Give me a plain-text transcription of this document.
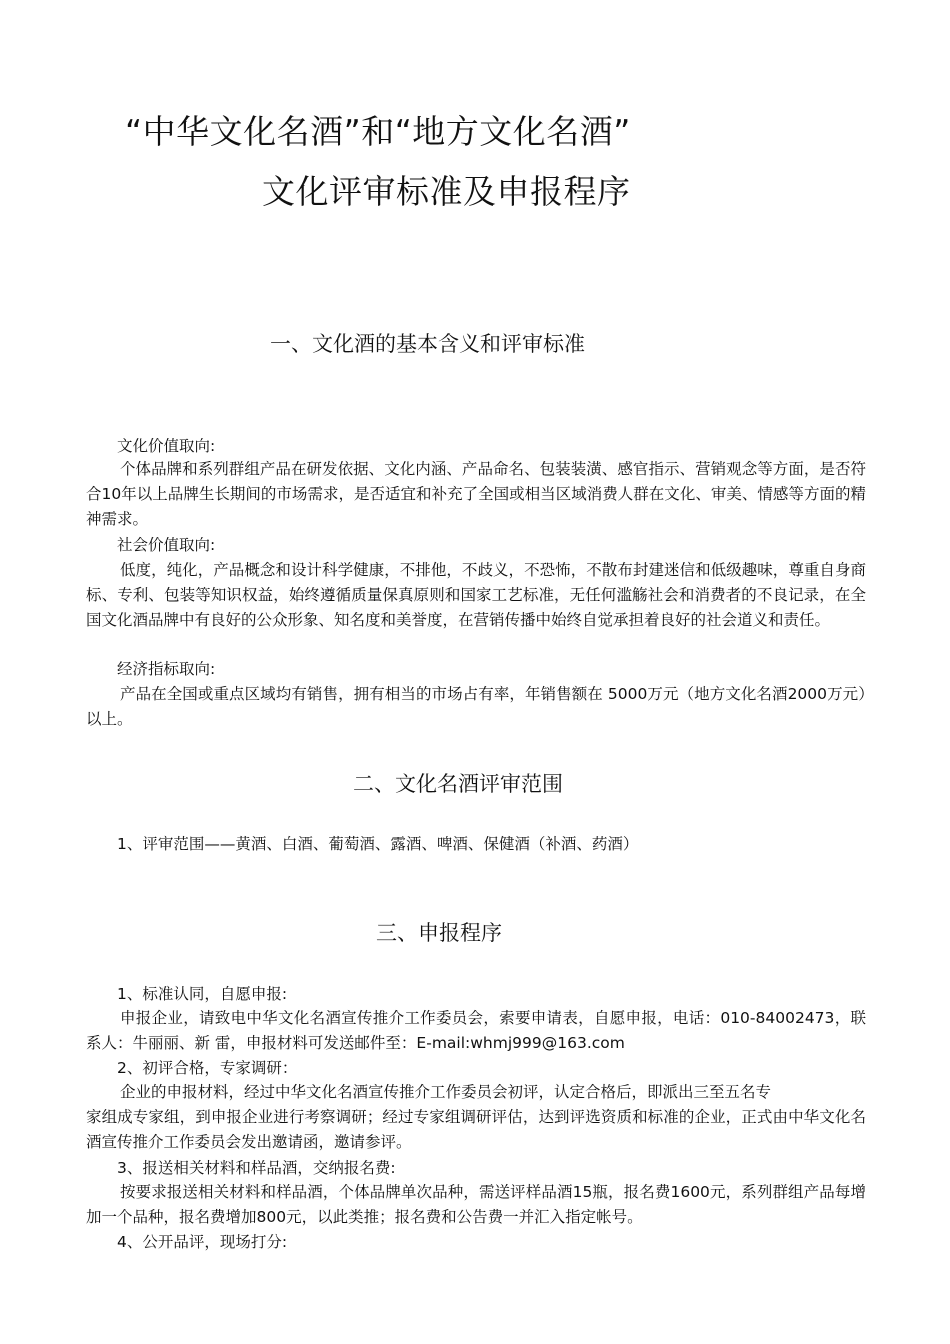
“中华文化名酒”和“地方文化名酒”
文化评审标准及申报程序
一、文化酒的基本含义和评审标准

文化价值取向:

个体品牌和系列群组产品在研发依据、文化内涵、产品命名、包装装潢、感官指示、营销观念等方面，是否符合10年以上品牌生长期间的市场需求，是否适宜和补充了全国或相当区域消费人群在文化、审美、情感等方面的精神需求。

社会价值取向:

低度，纯化，产品概念和设计科学健康，不排他，不歧义，不恐怖，不散布封建迷信和低级趣味，尊重自身商标、专利、包装等知识权益，始终遵循质量保真原则和国家工艺标准，无任何滥觞社会和消费者的不良记录，在全国文化酒品牌中有良好的公众形象、知名度和美誉度，在营销传播中始终自觉承担着良好的社会道义和责任。

经济指标取向:

产品在全国或重点区域均有销售，拥有相当的市场占有率，年销售额在 5000万元（地方文化名酒2000万元）以上。

二、文化名酒评审范围

1、评审范围——黄酒、白酒、葡萄酒、露酒、啤酒、保健酒（补酒、药酒）

三、申报程序

1、标准认同，自愿申报:

申报企业，请致电中华文化名酒宣传推介工作委员会，索要申请表，自愿申报，电话：010-84002473，联系人：牛丽丽、新 雷，申报材料可发送邮件至：E-mail:whmj999@163.com

2、初评合格，专家调研：

企业的申报材料，经过中华文化名酒宣传推介工作委员会初评，认定合格后，即派出三至五名专

家组成专家组，到申报企业进行考察调研；经过专家组调研评估，达到评选资质和标准的企业，正式由中华文化名酒宣传推介工作委员会发出邀请函，邀请参评。

3、报送相关材料和样品酒，交纳报名费:

按要求报送相关材料和样品酒，个体品牌单次品种，需送评样品酒15瓶，报名费1600元，系列群组产品每增加一个品种，报名费增加800元，以此类推；报名费和公告费一并汇入指定帐号。

4、公开品评，现场打分:
